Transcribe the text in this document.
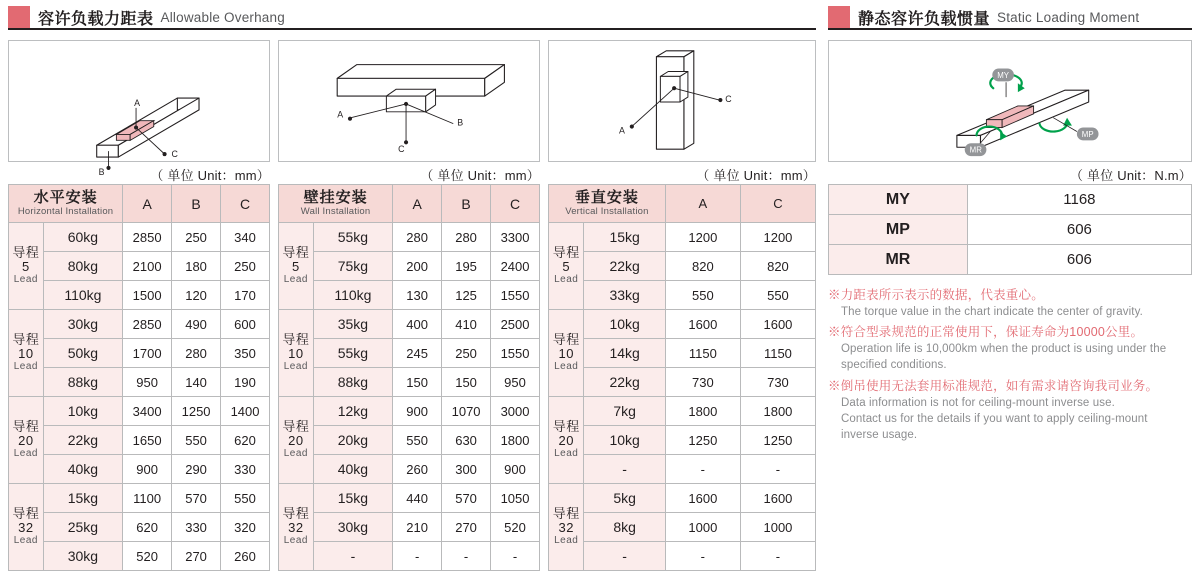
容许负载力距表 Allowable Overhang	静态容许负载惯量 Static Loading Moment
A
C
B
A
B
C
A
C
MY
MP
MR
（ 单位 Unit：mm）	（ 单位 Unit：mm）	（ 单位 Unit：mm）	（ 单位 Unit：N.m）
水平安装
Horizontal Installation		A	B	C
导程
5
Lead	60kg	2850	250	340
	80kg	2100	180	250
	110kg	1500	120	170
导程
10
Lead	30kg	2850	490	600
	50kg	1700	280	350
	88kg	950	140	190
导程
20
Lead	10kg	3400	1250	1400
	22kg	1650	550	620
	40kg	900	290	330
导程
32
Lead	15kg	1100	570	550
	25kg	620	330	320
	30kg	520	270	260
壁挂安装
Wall Installation		A	B	C
导程
5
Lead	55kg	280	280	3300
	75kg	200	195	2400
	110kg	130	125	1550
导程
10
Lead	35kg	400	410	2500
	55kg	245	250	1550
	88kg	150	150	950
导程
20
Lead	12kg	900	1070	3000
	20kg	550	630	1800
	40kg	260	300	900
导程
32
Lead	15kg	440	570	1050
	30kg	210	270	520
	-	-	-	-
垂直安装
Vertical Installation		A	C
导程
5
Lead	15kg	1200	1200
	22kg	820	820
	33kg	550	550
导程
10
Lead	10kg	1600	1600
	14kg	1150	1150
	22kg	730	730
导程
20
Lead	7kg	1800	1800
	10kg	1250	1250
	-	-	-
导程
32
Lead	5kg	1600	1600
	8kg	1000	1000
	-	-	-
MY	1168
MP	606
MR	606
※力距表所示表示的数据，代表重心。
The torque value in the chart indicate the center of gravity.
※符合型录规范的正常使用下，保证寿命为10000公里。
Operation life is 10,000km when the product is using under the
specified conditions.
※倒吊使用无法套用标准规范，如有需求请咨询我司业务。
Data information is not for ceiling-mount inverse use.
Contact us for the details if you want to apply ceiling-mount
inverse usage.
